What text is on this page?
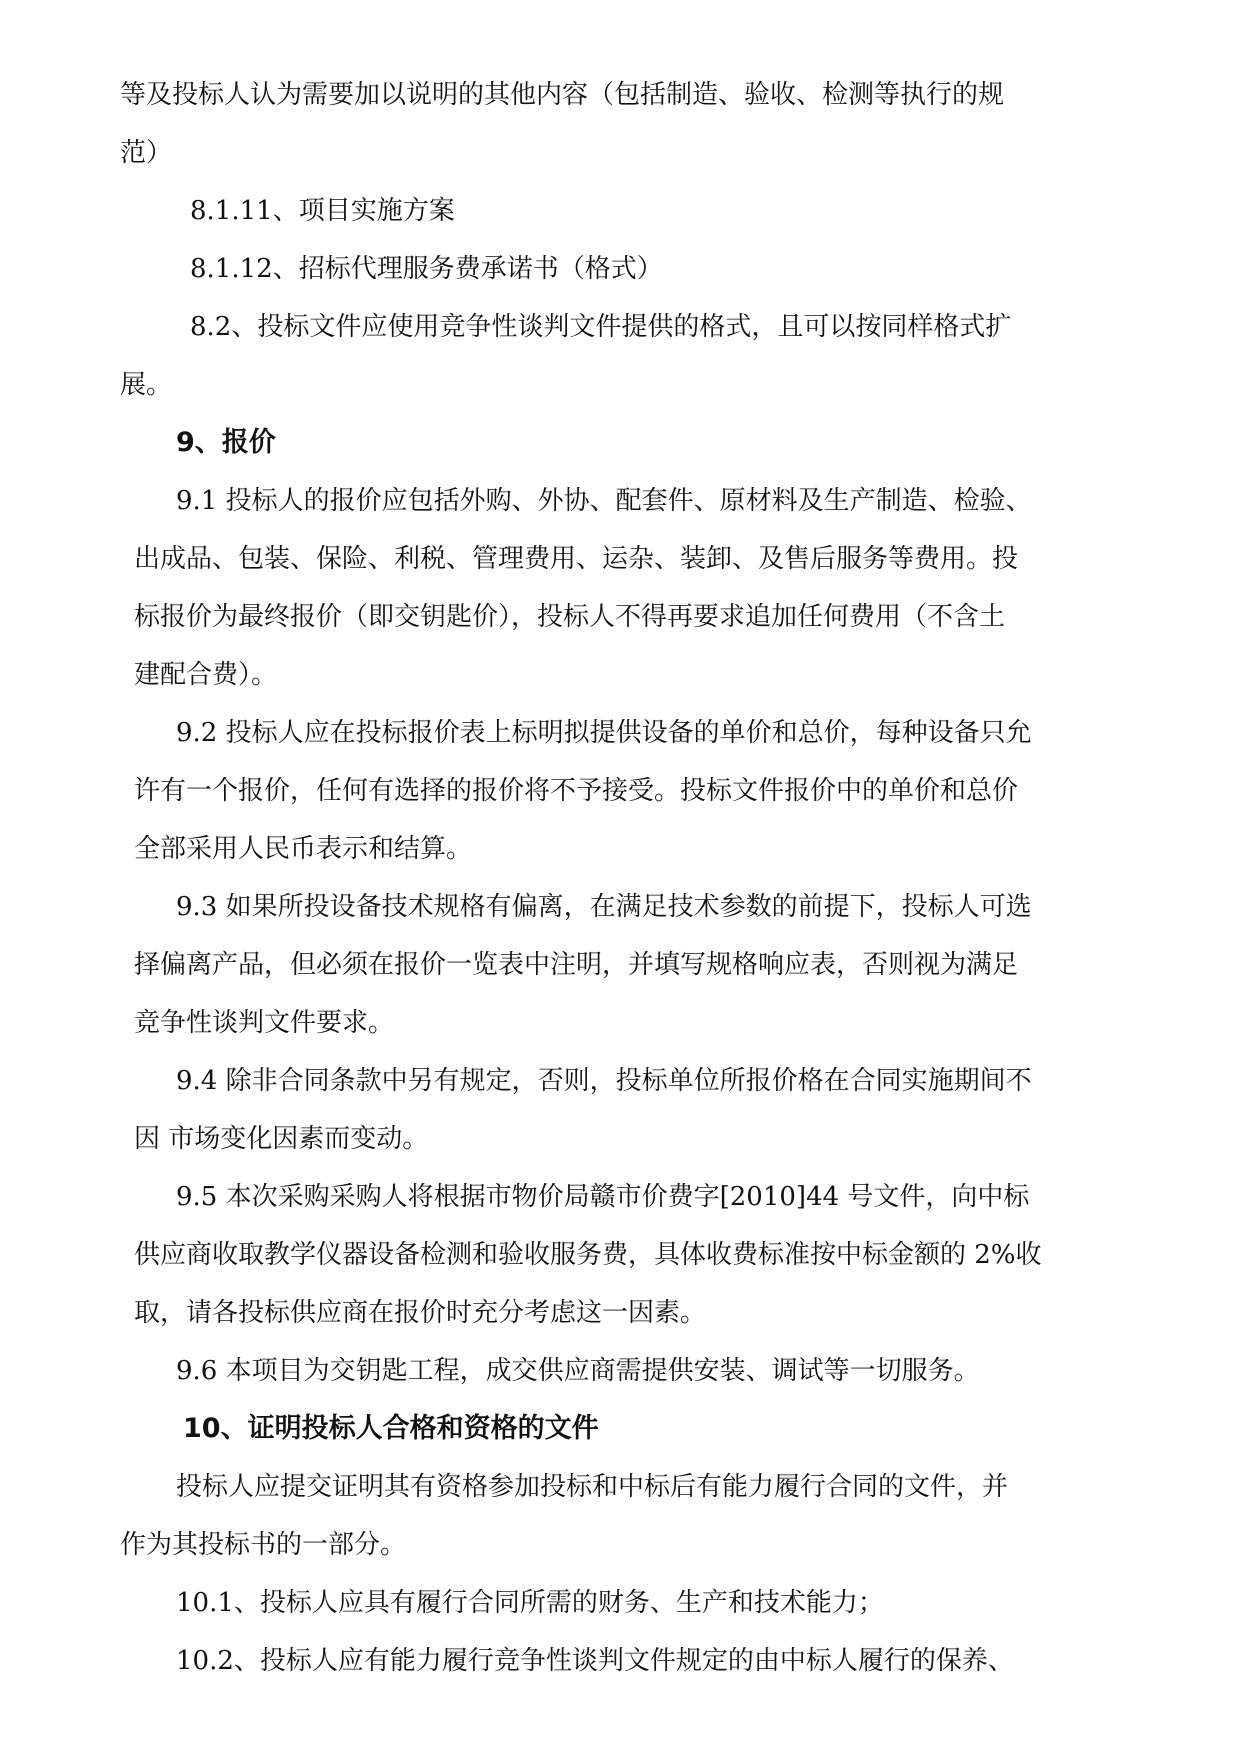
等及投标人认为需要加以说明的其他内容（包括制造、验收、检测等执行的规
范）
8.1.11、项目实施方案
8.1.12、招标代理服务费承诺书（格式）
8.2、投标文件应使用竞争性谈判文件提供的格式，且可以按同样格式扩
展。
9、报价
9.1 投标人的报价应包括外购、外协、配套件、原材料及生产制造、检验、
出成品、包装、保险、利税、管理费用、运杂、装卸、及售后服务等费用。投
标报价为最终报价（即交钥匙价），投标人不得再要求追加任何费用（不含土
建配合费）。
9.2 投标人应在投标报价表上标明拟提供设备的单价和总价，每种设备只允
许有一个报价，任何有选择的报价将不予接受。投标文件报价中的单价和总价
全部采用人民币表示和结算。
9.3 如果所投设备技术规格有偏离，在满足技术参数的前提下，投标人可选
择偏离产品，但必须在报价一览表中注明，并填写规格响应表，否则视为满足
竞争性谈判文件要求。
9.4 除非合同条款中另有规定，否则，投标单位所报价格在合同实施期间不
因 市场变化因素而变动。
9.5 本次采购采购人将根据市物价局赣市价费字[2010]44 号文件，向中标
供应商收取教学仪器设备检测和验收服务费，具体收费标准按中标金额的 2%收
取，请各投标供应商在报价时充分考虑这一因素。
9.6 本项目为交钥匙工程，成交供应商需提供安装、调试等一切服务。
10、证明投标人合格和资格的文件
投标人应提交证明其有资格参加投标和中标后有能力履行合同的文件，并
作为其投标书的一部分。
10.1、投标人应具有履行合同所需的财务、生产和技术能力；
10.2、投标人应有能力履行竞争性谈判文件规定的由中标人履行的保养、
